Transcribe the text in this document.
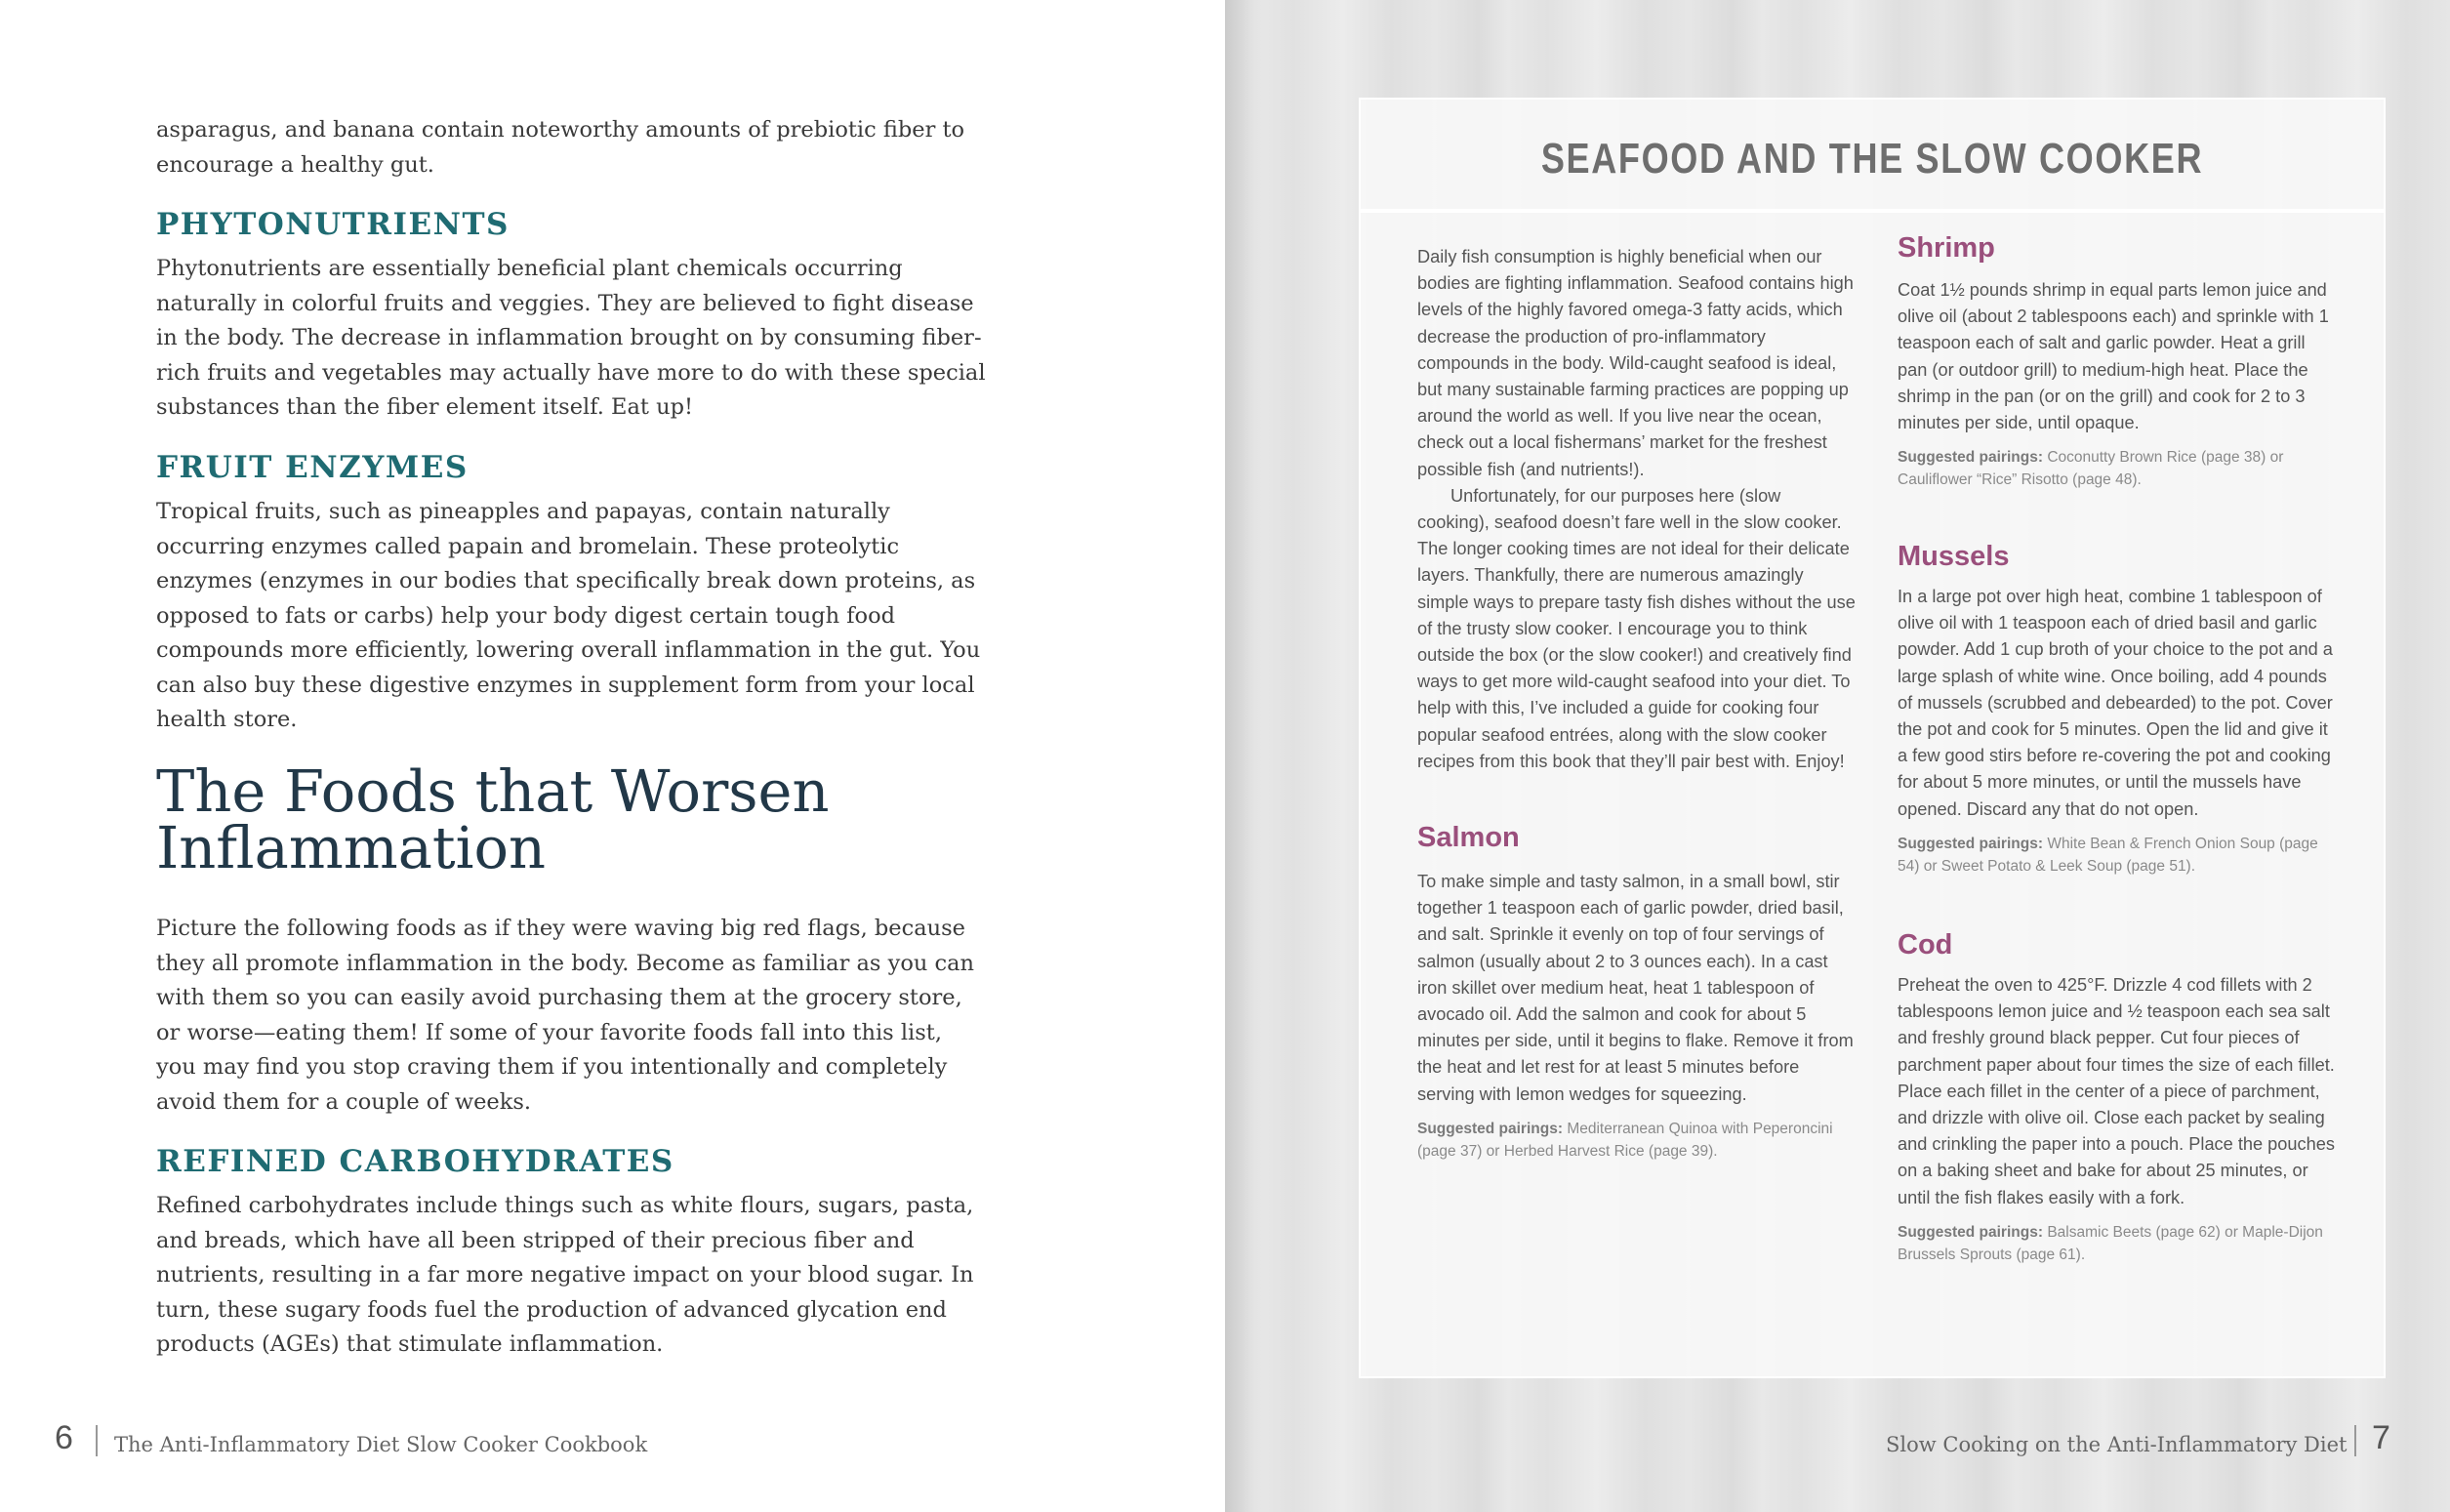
asparagus, and banana contain noteworthy amounts of prebiotic fiber to encourage a healthy gut.

PHYTONUTRIENTS

Phytonutrients are essentially beneficial plant chemicals occurring naturally in colorful fruits and veggies. They are believed to fight disease in the body. The decrease in inflammation brought on by consuming fiber-rich fruits and vegetables may actually have more to do with these special substances than the fiber element itself. Eat up!

FRUIT ENZYMES

Tropical fruits, such as pineapples and papayas, contain naturally occurring enzymes called papain and bromelain. These proteolytic enzymes (enzymes in our bodies that specifically break down proteins, as opposed to fats or carbs) help your body digest certain tough food compounds more efficiently, lowering overall inflammation in the gut. You can also buy these digestive enzymes in supplement form from your local health store.

The Foods that Worsen
Inflammation

Picture the following foods as if they were waving big red flags, because they all promote inflammation in the body. Become as familiar as you can with them so you can easily avoid purchasing them at the grocery store, or worse—eating them! If some of your favorite foods fall into this list, you may find you stop craving them if you intentionally and completely avoid them for a couple of weeks.

REFINED CARBOHYDRATES

Refined carbohydrates include things such as white flours, sugars, pasta, and breads, which have all been stripped of their precious fiber and nutrients, resulting in a far more negative impact on your blood sugar. In turn, these sugary foods fuel the production of advanced glycation end products (AGEs) that stimulate inflammation.

6 The Anti-Inflammatory Diet Slow Cooker Cookbook
SEAFOOD AND THE SLOW COOKER

Daily fish consumption is highly beneficial when our bodies are fighting inflammation. Seafood contains high levels of the highly favored omega-3 fatty acids, which decrease the production of pro-inflammatory compounds in the body. Wild-caught seafood is ideal, but many sustainable farming practices are popping up around the world as well. If you live near the ocean, check out a local fishermans’ market for the freshest possible fish (and nutrients!).

Unfortunately, for our purposes here (slow cooking), seafood doesn’t fare well in the slow cooker. The longer cooking times are not ideal for their delicate layers. Thankfully, there are numerous amazingly simple ways to prepare tasty fish dishes without the use of the trusty slow cooker. I encourage you to think outside the box (or the slow cooker!) and creatively find ways to get more wild-caught seafood into your diet. To help with this, I’ve included a guide for cooking four popular seafood entrées, along with the slow cooker recipes from this book that they’ll pair best with. Enjoy!

Salmon

To make simple and tasty salmon, in a small bowl, stir together 1 teaspoon each of garlic powder, dried basil, and salt. Sprinkle it evenly on top of four servings of salmon (usually about 2 to 3 ounces each). In a cast iron skillet over medium heat, heat 1 tablespoon of avocado oil. Add the salmon and cook for about 5 minutes per side, until it begins to flake. Remove it from the heat and let rest for at least 5 minutes before serving with lemon wedges for squeezing.

Suggested pairings: Mediterranean Quinoa with Peperoncini (page 37) or Herbed Harvest Rice (page 39).

Shrimp

Coat 1½ pounds shrimp in equal parts lemon juice and olive oil (about 2 tablespoons each) and sprinkle with 1 teaspoon each of salt and garlic powder. Heat a grill pan (or outdoor grill) to medium-high heat. Place the shrimp in the pan (or on the grill) and cook for 2 to 3 minutes per side, until opaque.

Suggested pairings: Coconutty Brown Rice (page 38) or Cauliflower “Rice” Risotto (page 48).

Mussels

In a large pot over high heat, combine 1 tablespoon of olive oil with 1 teaspoon each of dried basil and garlic powder. Add 1 cup broth of your choice to the pot and a large splash of white wine. Once boiling, add 4 pounds of mussels (scrubbed and debearded) to the pot. Cover the pot and cook for 5 minutes. Open the lid and give it a few good stirs before re-covering the pot and cooking for about 5 more minutes, or until the mussels have opened. Discard any that do not open.

Suggested pairings: White Bean & French Onion Soup (page 54) or Sweet Potato & Leek Soup (page 51).

Cod

Preheat the oven to 425°F. Drizzle 4 cod fillets with 2 tablespoons lemon juice and ½ teaspoon each sea salt and freshly ground black pepper. Cut four pieces of parchment paper about four times the size of each fillet. Place each fillet in the center of a piece of parchment, and drizzle with olive oil. Close each packet by sealing and crinkling the paper into a pouch. Place the pouches on a baking sheet and bake for about 25 minutes, or until the fish flakes easily with a fork.

Suggested pairings: Balsamic Beets (page 62) or Maple-Dijon Brussels Sprouts (page 61).

Slow Cooking on the Anti-Inflammatory Diet 7
